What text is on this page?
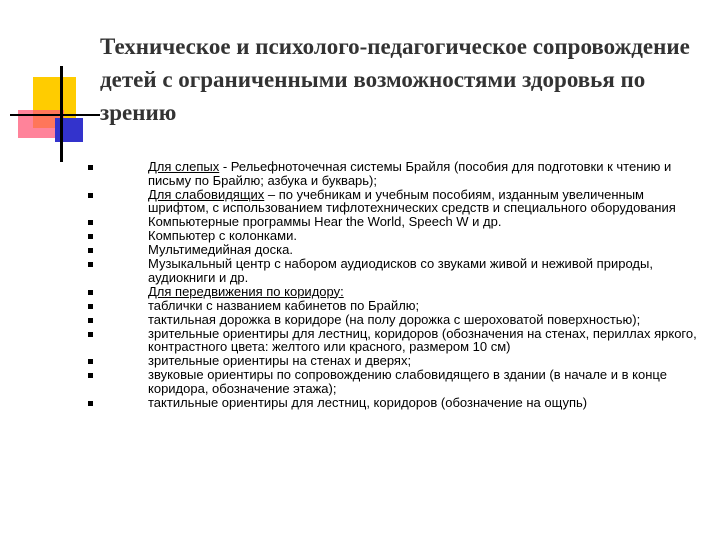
Техническое и психолого-педагогическое сопровождение детей с ограниченными возможностями здоровья по зрению
Для слепых - Рельефноточечная системы Брайля (пособия для подготовки к чтению и письму по Брайлю; азбука и букварь);
Для слабовидящих – по учебникам и учебным пособиям, изданным увеличенным шрифтом, с использованием тифлотехнических средств и специального оборудования
Компьютерные программы Hear the World, Speech W и др.
Компьютер с колонками.
Мультимедийная доска.
Музыкальный центр с набором аудиодисков со звуками живой и неживой природы, аудиокниги и др.
Для передвижения по коридору:
таблички с названием кабинетов по Брайлю;
тактильная дорожка в коридоре (на полу дорожка с шероховатой поверхностью);
зрительные ориентиры для лестниц, коридоров (обозначения на стенах, периллах яркого, контрастного цвета: желтого или красного, размером 10 см)
зрительные ориентиры на стенах и дверях;
звуковые ориентиры по сопровождению слабовидящего в здании (в начале и в конце коридора, обозначение этажа);
тактильные ориентиры для лестниц, коридоров (обозначение на ощупь)
